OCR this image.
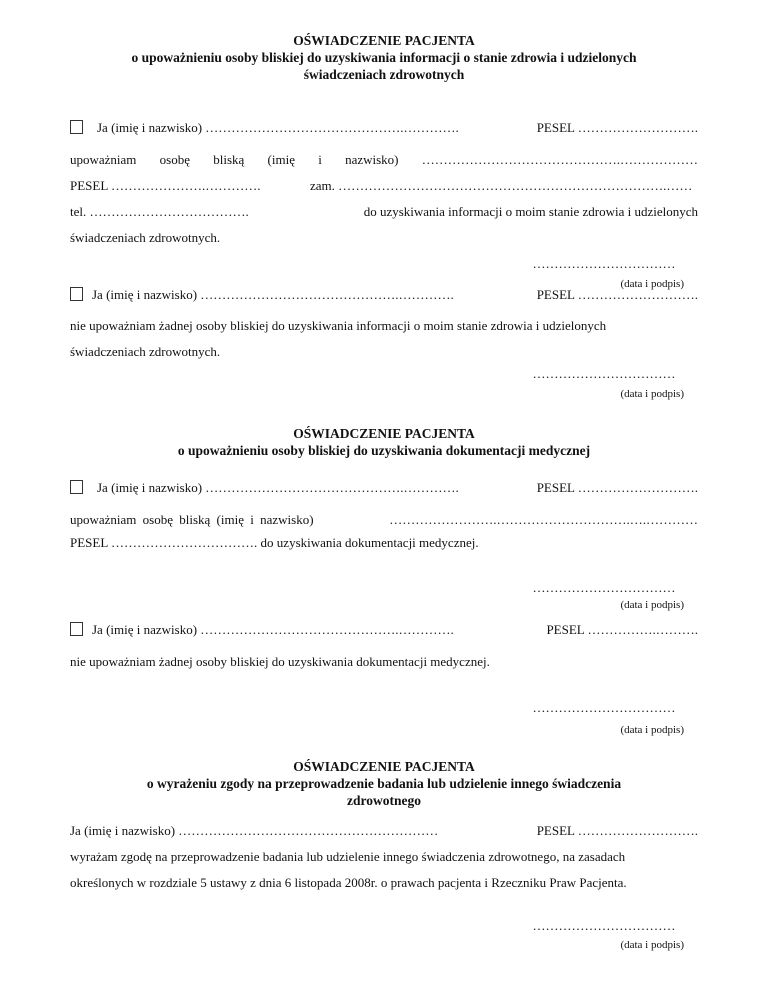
OŚWIADCZENIE PACJENTA
o upoważnieniu osoby bliskiej do uzyskiwania informacji o stanie zdrowia i udzielonych
świadczeniach zdrowotnych
Ja (imię i nazwisko) ……………………………………….………….	PESEL ……………………….
upoważniam osobę bliską (imię i nazwisko) ……………………………………….………………
PESEL ………………….………….	zam. ………………………………………………………………….……
tel. ……………………………….	do uzyskiwania informacji o moim stanie zdrowia i udzielonych
świadczeniach zdrowotnych.
……………………………
(data i podpis)
Ja (imię i nazwisko) ……………………………………….………….	PESEL ……………………….
nie upoważniam żadnej osoby bliskiej do uzyskiwania informacji o moim stanie zdrowia i udzielonych
świadczeniach zdrowotnych.
……………………………
(data i podpis)
OŚWIADCZENIE PACJENTA
o upoważnieniu osoby bliskiej do uzyskiwania dokumentacji medycznej
Ja (imię i nazwisko) ……………………………………….………….	PESEL ……………………….
upoważniam osobę bliską (imię i nazwisko)	…………………….………………………….….…………
PESEL ……………………………. do uzyskiwania dokumentacji medycznej.
……………………………
(data i podpis)
Ja (imię i nazwisko) ……………………………………….………….	PESEL …………….……….
nie upoważniam żadnej osoby bliskiej do uzyskiwania dokumentacji medycznej.
……………………………
(data i podpis)
OŚWIADCZENIE PACJENTA
o wyrażeniu zgody na przeprowadzenie badania lub udzielenie innego świadczenia
zdrowotnego
Ja (imię i nazwisko) ……………………………………………………	PESEL ……………………….
wyrażam zgodę na przeprowadzenie badania lub udzielenie innego świadczenia zdrowotnego, na zasadach
określonych w rozdziale 5 ustawy z dnia 6 listopada 2008r. o prawach pacjenta i Rzeczniku Praw Pacjenta.
……………………………
(data i podpis)
